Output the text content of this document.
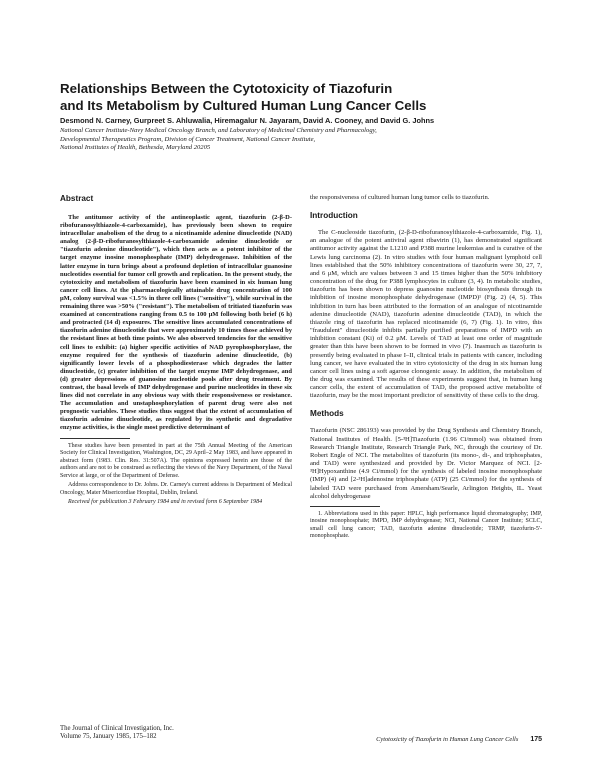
Relationships Between the Cytotoxicity of Tiazofurin
and Its Metabolism by Cultured Human Lung Cancer Cells
Desmond N. Carney, Gurpreet S. Ahluwalia, Hiremagalur N. Jayaram, David A. Cooney, and David G. Johns
National Cancer Institute-Navy Medical Oncology Branch, and Laboratory of Medicinal Chemistry and Pharmacology,
Developmental Therapeutics Program, Division of Cancer Treatment, National Cancer Institute,
National Institutes of Health, Bethesda, Maryland 20205
Abstract

The antitumor activity of the antineoplastic agent, tiazofurin (2-β-D-ribofuranosylthiazole-4-carboxamide), has previously been shown to require intracellular anabolism of the drug to a nicotinamide adenine dinucleotide (NAD) analog (2-β-D-ribofuranosylthiazole-4-carboxamide adenine dinucleotide or "tiazofurin adenine dinucleotide"), which then acts as a potent inhibitor of the target enzyme inosine monophosphate (IMP) dehydrogenase. Inhibition of the latter enzyme in turn brings about a profound depletion of intracellular guanosine nucleotides essential for tumor cell growth and replication. In the present study, the cytotoxicity and metabolism of tiazofurin have been examined in six human lung cancer cell lines. At the pharmacologically attainable drug concentration of 100 μM, colony survival was <1.5% in three cell lines ("sensitive"), while survival in the remaining three was >50% ("resistant"). The metabolism of tritiated tiazofurin was examined at concentrations ranging from 0.5 to 100 μM following both brief (6 h) and protracted (14 d) exposures. The sensitive lines accumulated concentrations of tiazofurin adenine dinucleotide that were approximately 10 times those achieved by the resistant lines at both time points. We also observed tendencies for the sensitive cell lines to exhibit: (a) higher specific activities of NAD pyrophosphorylase, the enzyme required for the synthesis of tiazofurin adenine dinucleotide, (b) significantly lower levels of a phosphodiesterase which degrades the latter dinucleotide, (c) greater inhibition of the target enzyme IMP dehydrogenase, and (d) greater depressions of guanosine nucleotide pools after drug treatment. By contrast, the basal levels of IMP dehydrogenase and purine nucleotides in these six lines did not correlate in any obvious way with their responsiveness or resistance. The accumulation and unstaphosphorylation of parent drug were also not prognostic variables. These studies thus suggest that the extent of accumulation of tiazofurin adenine dinucleotide, as regulated by its synthetic and degradative enzyme activities, is the single most predictive determinant of

These studies have been presented in part at the 75th Annual Meeting of the American Society for Clinical Investigation, Washington, DC, 29 April–2 May 1983, and have appeared in abstract form (1983. Clin. Res. 31:507A). The opinions expressed herein are those of the authors and are not to be construed as reflecting the views of the Navy Department, of the Naval Service at large, or of the Department of Defense.

Address correspondence to Dr. Johns. Dr. Carney's current address is Department of Medical Oncology, Mater Misericordiae Hospital, Dublin, Ireland.

Received for publication 3 February 1984 and in revised form 6 September 1984

The Journal of Clinical Investigation, Inc.
Volume 75, January 1985, 175–182

the responsiveness of cultured human lung tumor cells to tiazofurin.

Introduction

The C-nucleoside tiazofurin, (2-β-D-ribofuranosylthiazole-4-carboxamide, Fig. 1), an analogue of the potent antiviral agent ribavirin (1), has demonstrated significant antitumor activity against the L1210 and P388 murine leukemias and is curative of the Lewis lung carcinoma (2). In vitro studies with four human malignant lymphoid cell lines established that the 50% inhibitory concentrations of tiazofurin were 30, 27, 7, and 6 μM, which are values between 3 and 15 times higher than the 50% inhibitory concentration of the drug for P388 lymphocytes in culture (3, 4). In metabolic studies, tiazofurin has been shown to depress guanosine nucleotide biosynthesis through its inhibition of inosine monophosphate dehydrogenase (IMPD)¹ (Fig. 2) (4, 5). This inhibition in turn has been attributed to the formation of an analogue of nicotinamide adenine dinucleotide (NAD), tiazofurin adenine dinucleotide (TAD), in which the thiazole ring of tiazofurin has replaced nicotinamide (6, 7) (Fig. 1). In vitro, this "fraudulent" dinucleotide inhibits partially purified preparations of IMPD with an inhibition constant (Ki) of 0.2 μM. Levels of TAD at least one order of magnitude greater than this have been shown to be formed in vivo (7). Inasmuch as tiazofurin is presently being evaluated in phase I–II, clinical trials in patients with cancer, including lung cancer, we have evaluated the in vitro cytotoxicity of the drug in six human lung cancer cell lines using a soft agarose clonogenic assay. In addition, the metabolism of the drug was examined. The results of these experiments suggest that, in human lung cancer cells, the extent of accumulation of TAD, the proposed active metabolite of tiazofurin, may be the most important predictor of sensitivity of these cells to the drug.

Methods

Tiazofurin (NSC 286193) was provided by the Drug Synthesis and Chemistry Branch, National Institutes of Health. [5-³H]Tiazofurin (1.96 Ci/mmol) was obtained from Research Triangle Institute, Research Triangle Park, NC, through the courtesy of Dr. Robert Engle of NCI. The metabolites of tiazofurin (its mono-, di-, and triphosphates, and TAD) were synthesized and provided by Dr. Victor Marquez of NCI. [2-³H]Hypoxanthine (4.9 Ci/mmol) for the synthesis of labeled inosine monophosphate (IMP) (4) and [2-³H]adenosine triphosphate (ATP) (25 Ci/mmol) for the synthesis of labeled TAD were purchased from Amersham/Searle, Arlington Heights, IL. Yeast alcohol dehydrogenase

1. Abbreviations used in this paper: HPLC, high performance liquid chromatography; IMP, inosine monophosphate; IMPD, IMP dehydrogenase; NCI, National Cancer Institute; SCLC, small cell lung cancer; TAD, tiazofurin adenine dinucleotide; TRMP, tiazofurin-5'-monophosphate.

Cytotoxicity of Tiazofurin in Human Lung Cancer Cells 175
